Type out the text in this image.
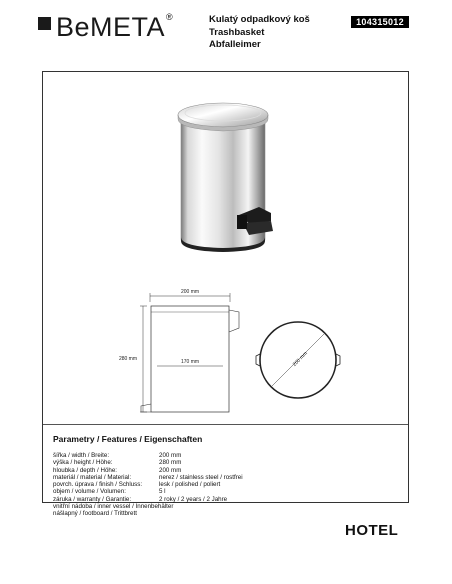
BeMETA ®	Kulatý odpadkový koš
Trashbasket
Abfalleimer
104315012
200 mm
280 mm	170 mm	200 mm
Parametry / Features / Eigenschaften
šířka / width / Breite:	200 mm
výška / height / Höhe:	280 mm
hloubka / depth / Höhe:	200 mm
materiál / material / Material:	nerez / stainless steel / rostfrei
povrch. úprava / finish / Schluss:	lesk / polished / poliert
objem / volume / Volumen:	5 l
záruka / warranty / Garantie:	2 roky / 2 years / 2 Jahre
vnitřní nádoba / inner vessel / Innenbehälter
nášlapný / footboard / Trittbrett
HOTEL
